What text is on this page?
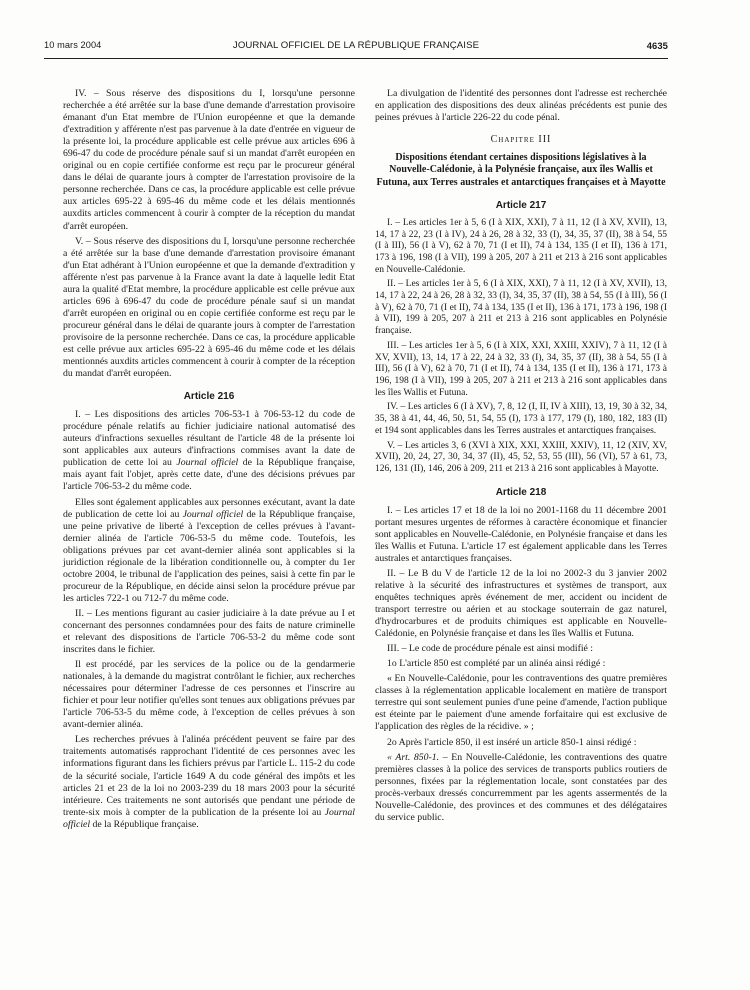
10 mars 2004	JOURNAL OFFICIEL DE LA RÉPUBLIQUE FRANÇAISE	4635

IV. – Sous réserve des dispositions du I, lorsqu'une personne recherchée a été arrêtée sur la base d'une demande d'arrestation provisoire émanant d'un Etat membre de l'Union européenne et que la demande d'extradition y afférente n'est pas parvenue à la date d'entrée en vigueur de la présente loi, la procédure applicable est celle prévue aux articles 696 à 696-47 du code de procédure pénale sauf si un mandat d'arrêt européen en original ou en copie certifiée conforme est reçu par le procureur général dans le délai de quarante jours à compter de l'arrestation provisoire de la personne recherchée. Dans ce cas, la procédure applicable est celle prévue aux articles 695-22 à 695-46 du même code et les délais mentionnés auxdits articles commencent à courir à compter de la réception du mandat d'arrêt européen.

V. – Sous réserve des dispositions du I, lorsqu'une personne recherchée a été arrêtée sur la base d'une demande d'arrestation provisoire émanant d'un Etat adhérant à l'Union européenne et que la demande d'extradition y afférente n'est pas parvenue à la France avant la date à laquelle ledit Etat aura la qualité d'Etat membre, la procédure applicable est celle prévue aux articles 696 à 696-47 du code de procédure pénale sauf si un mandat d'arrêt européen en original ou en copie certifiée conforme est reçu par le procureur général dans le délai de quarante jours à compter de l'arrestation provisoire de la personne recherchée. Dans ce cas, la procédure applicable est celle prévue aux articles 695-22 à 695-46 du même code et les délais mentionnés auxdits articles commencent à courir à compter de la réception du mandat d'arrêt européen.

Article 216

I. – Les dispositions des articles 706-53-1 à 706-53-12 du code de procédure pénale relatifs au fichier judiciaire national automatisé des auteurs d'infractions sexuelles résultant de l'article 48 de la présente loi sont applicables aux auteurs d'infractions commises avant la date de publication de cette loi au Journal officiel de la République française, mais ayant fait l'objet, après cette date, d'une des décisions prévues par l'article 706-53-2 du même code.

Elles sont également applicables aux personnes exécutant, avant la date de publication de cette loi au Journal officiel de la République française, une peine privative de liberté à l'exception de celles prévues à l'avant-dernier alinéa de l'article 706-53-5 du même code. Toutefois, les obligations prévues par cet avant-dernier alinéa sont applicables si la juridiction régionale de la libération conditionnelle ou, à compter du 1er octobre 2004, le tribunal de l'application des peines, saisi à cette fin par le procureur de la République, en décide ainsi selon la procédure prévue par les articles 722-1 ou 712-7 du même code.

II. – Les mentions figurant au casier judiciaire à la date prévue au I et concernant des personnes condamnées pour des faits de nature criminelle et relevant des dispositions de l'article 706-53-2 du même code sont inscrites dans le fichier.

Il est procédé, par les services de la police ou de la gendarmerie nationales, à la demande du magistrat contrôlant le fichier, aux recherches nécessaires pour déterminer l'adresse de ces personnes et l'inscrire au fichier et pour leur notifier qu'elles sont tenues aux obligations prévues par l'article 706-53-5 du même code, à l'exception de celles prévues à son avant-dernier alinéa.

Les recherches prévues à l'alinéa précédent peuvent se faire par des traitements automatisés rapprochant l'identité de ces personnes avec les informations figurant dans les fichiers prévus par l'article L. 115-2 du code de la sécurité sociale, l'article 1649 A du code général des impôts et les articles 21 et 23 de la loi no 2003-239 du 18 mars 2003 pour la sécurité intérieure. Ces traitements ne sont autorisés que pendant une période de trente-six mois à compter de la publication de la présente loi au Journal officiel de la République française.

La divulgation de l'identité des personnes dont l'adresse est recherchée en application des dispositions des deux alinéas précédents est punie des peines prévues à l'article 226-22 du code pénal.

Chapitre III
Dispositions étendant certaines dispositions législatives à la Nouvelle-Calédonie, à la Polynésie française, aux îles Wallis et Futuna, aux Terres australes et antarctiques françaises et à Mayotte
Article 217

I. – Les articles 1er à 5, 6 (I à XIX, XXI), 7 à 11, 12 (I à XV, XVII), 13, 14, 17 à 22, 23 (I à IV), 24 à 26, 28 à 32, 33 (I), 34, 35, 37 (II), 38 à 54, 55 (I à III), 56 (I à V), 62 à 70, 71 (I et II), 74 à 134, 135 (I et II), 136 à 171, 173 à 196, 198 (I à VII), 199 à 205, 207 à 211 et 213 à 216 sont applicables en Nouvelle-Calédonie.

II. – Les articles 1er à 5, 6 (I à XIX, XXI), 7 à 11, 12 (I à XV, XVII), 13, 14, 17 à 22, 24 à 26, 28 à 32, 33 (I), 34, 35, 37 (II), 38 à 54, 55 (I à III), 56 (I à V), 62 à 70, 71 (I et II), 74 à 134, 135 (I et II), 136 à 171, 173 à 196, 198 (I à VII), 199 à 205, 207 à 211 et 213 à 216 sont applicables en Polynésie française.

III. – Les articles 1er à 5, 6 (I à XIX, XXI, XXIII, XXIV), 7 à 11, 12 (I à XV, XVII), 13, 14, 17 à 22, 24 à 32, 33 (I), 34, 35, 37 (II), 38 à 54, 55 (I à III), 56 (I à V), 62 à 70, 71 (I et II), 74 à 134, 135 (I et II), 136 à 171, 173 à 196, 198 (I à VII), 199 à 205, 207 à 211 et 213 à 216 sont applicables dans les îles Wallis et Futuna.

IV. – Les articles 6 (I à XV), 7, 8, 12 (I, II, IV à XIII), 13, 19, 30 à 32, 34, 35, 38 à 41, 44, 46, 50, 51, 54, 55 (I), 173 à 177, 179 (I), 180, 182, 183 (II) et 194 sont applicables dans les Terres australes et antarctiques françaises.

V. – Les articles 3, 6 (XVI à XIX, XXI, XXIII, XXIV), 11, 12 (XIV, XV, XVII), 20, 24, 27, 30, 34, 37 (II), 45, 52, 53, 55 (III), 56 (VI), 57 à 61, 73, 126, 131 (II), 146, 206 à 209, 211 et 213 à 216 sont applicables à Mayotte.

Article 218

I. – Les articles 17 et 18 de la loi no 2001-1168 du 11 décembre 2001 portant mesures urgentes de réformes à caractère économique et financier sont applicables en Nouvelle-Calédonie, en Polynésie française et dans les îles Wallis et Futuna. L'article 17 est également applicable dans les Terres australes et antarctiques françaises.

II. – Le B du V de l'article 12 de la loi no 2002-3 du 3 janvier 2002 relative à la sécurité des infrastructures et systèmes de transport, aux enquêtes techniques après événement de mer, accident ou incident de transport terrestre ou aérien et au stockage souterrain de gaz naturel, d'hydrocarbures et de produits chimiques est applicable en Nouvelle-Calédonie, en Polynésie française et dans les îles Wallis et Futuna.

III. – Le code de procédure pénale est ainsi modifié :

1o L'article 850 est complété par un alinéa ainsi rédigé :

« En Nouvelle-Calédonie, pour les contraventions des quatre premières classes à la réglementation applicable localement en matière de transport terrestre qui sont seulement punies d'une peine d'amende, l'action publique est éteinte par le paiement d'une amende forfaitaire qui est exclusive de l'application des règles de la récidive. » ;

2o Après l'article 850, il est inséré un article 850-1 ainsi rédigé :

« Art. 850-1. – En Nouvelle-Calédonie, les contraventions des quatre premières classes à la police des services de transports publics routiers de personnes, fixées par la réglementation locale, sont constatées par des procès-verbaux dressés concurremment par les agents assermentés de la Nouvelle-Calédonie, des provinces et des communes et des délégataires du service public.
